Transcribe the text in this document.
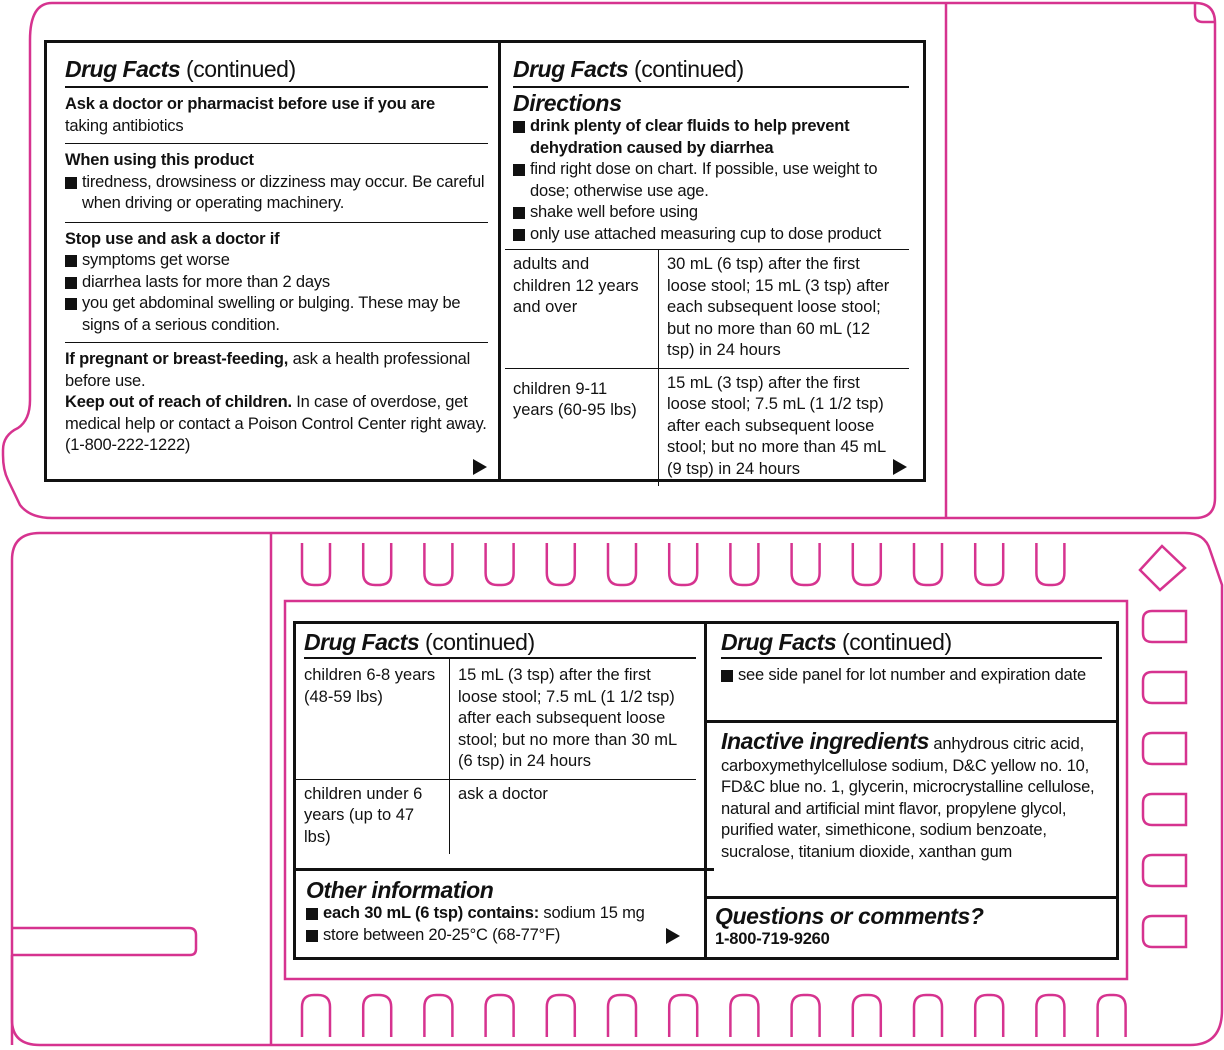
Drug Facts (continued)
Ask a doctor or pharmacist before use if you are
taking antibiotics
When using this product
tiredness, drowsiness or dizziness may occur. Be careful when driving or operating machinery.
Stop use and ask a doctor if
symptoms get worse
diarrhea lasts for more than 2 days
you get abdominal swelling or bulging. These may be signs of a serious condition.
If pregnant or breast-feeding, ask a health professional before use.
Keep out of reach of children. In case of overdose, get medical help or contact a Poison Control Center right away. (1-800-222-1222)
Drug Facts (continued)
Directions
drink plenty of clear fluids to help prevent dehydration caused by diarrhea
find right dose on chart. If possible, use weight to dose; otherwise use age.
shake well before using
only use attached measuring cup to dose product
adults and children 12 years and over	30 mL (6 tsp) after the first loose stool; 15 mL (3 tsp) after each subsequent loose stool; but no more than 60 mL (12 tsp) in 24 hours
children 9-11 years (60-95 lbs)	15 mL (3 tsp) after the first loose stool; 7.5 mL (1 1/2 tsp) after each subsequent loose stool; but no more than 45 mL (9 tsp) in 24 hours
Drug Facts (continued)
children 6-8 years (48-59 lbs)	15 mL (3 tsp) after the first loose stool; 7.5 mL (1 1/2 tsp) after each subsequent loose stool; but no more than 30 mL (6 tsp) in 24 hours
children under 6 years (up to 47 lbs)	ask a doctor
Other information
each 30 mL (6 tsp) contains: sodium 15 mg
store between 20-25°C (68-77°F)
Drug Facts (continued)
see side panel for lot number and expiration date
Inactive ingredients anhydrous citric acid, carboxymethylcellulose sodium, D&C yellow no. 10, FD&C blue no. 1, glycerin, microcrystalline cellulose, natural and artificial mint flavor, propylene glycol, purified water, simethicone, sodium benzoate, sucralose, titanium dioxide, xanthan gum
Questions or comments?
1-800-719-9260
